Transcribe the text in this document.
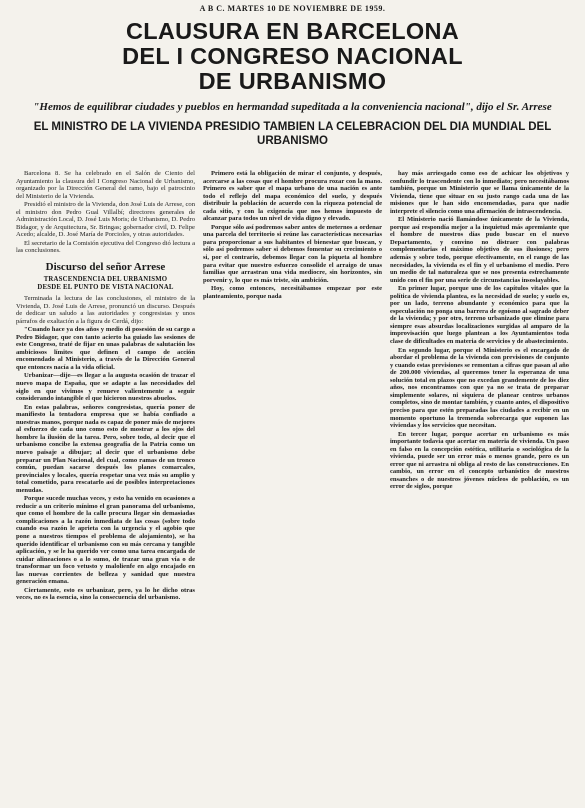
A B C. MARTES 10 DE NOVIEMBRE DE 1959.
CLAUSURA EN BARCELONA
DEL I CONGRESO NACIONAL
DE URBANISMO
"Hemos de equilibrar ciudades y pueblos en hermandad supeditada a la conveniencia nacional", dijo el Sr. Arrese
EL MINISTRO DE LA VIVIENDA PRESIDIO TAMBIEN LA CELEBRACION DEL DIA MUNDIAL DEL URBANISMO

Barcelona 8. Se ha celebrado en el Salón de Ciento del Ayuntamiento la clausura del I Congreso Nacional de Urbanismo, organizado por la Dirección General del ramo, bajo el patrocinio del Ministerio de la Vivienda.

Presidió el ministro de la Vivienda, don José Luis de Arrese, con el ministro don Pedro Gual Villalbí; directores generales de Administración Local, D. José Luis Moris; de Urbanismo, D. Pedro Bidagor, y de Arquitectura, Sr. Bringas; gobernador civil, D. Felipe Acedo; alcalde, D. José María de Porcioles, y otras autoridades.

El secretario de la Comisión ejecutiva del Congreso dió lectura a las conclusiones.

Discurso del señor Arrese
TRASCENDENCIA DEL URBANISMO
DESDE EL PUNTO DE VISTA NACIONAL

Terminada la lectura de las conclusiones, el ministro de la Vivienda, D. José Luis de Arrese, pronunció un discurso. Después de dedicar un saludo a las autoridades y congresistas y unos párrafos de exaltación a la figura de Cerdá, dijo:

"Cuando hace ya dos años y medio di posesión de su cargo a Pedro Bidagor, que con tanto acierto ha guiado las sesiones de este Congreso, traté de fijar en unas palabras de salutación los ambiciosos límites que definen el campo de acción encomendado al Ministerio, a través de la Dirección General que entonces nacía a la vida oficial.

Urbanizar—dije—es llegar a la augusta ocasión de trazar el nuevo mapa de España, que se adapte a las necesidades del siglo en que vivimos y renueve valientemente a seguir considerando intangible el que hicieron nuestros abuelos.

En estas palabras, señores congresistas, quería poner de manifiesto la tentadora empresa que se había confiado a nuestras manos, porque nada es capaz de poner más de mejores al esfuerzo de cada uno como esto de mostrar a los ojos del hombre la ilusión de la tarea. Pero, sobre todo, al decir que el urbanismo concibe la extensa geografía de la Patria como un nuevo paisaje a dibujar; al decir que el urbanismo debe preparar un Plan Nacional, del cual, como ramas de un tronco común, puedan sacarse después los planes comarcales, provinciales y locales, quería respetar una vez más su amplio y total cometido, para rescatarlo así de posibles interpretaciones menudas.

Porque sucede muchas veces, y esto ha venido en ocasiones a reducir a un criterio mínimo el gran panorama del urbanismo, que como el hombre de la calle procura llegar sin demasiadas complicaciones a la razón inmediata de las cosas (sobre todo cuando esa razón le aprieta con la urgencia y el agobio que pone a nuestros tiempos el problema de alojamiento), se ha querido identificar el urbanismo con su más cercana y tangible aplicación, y se le ha querido ver como una tarea encargada de cuidar alineaciones o a lo sumo, de trazar una gran vía o de transformar un foco vetusto y malolienfe en algo encajado en las nuevas corrientes de belleza y sanidad que nuestra generación emana.

Ciertamente, esto es urbanizar, pero, ya lo he dicho otras veces, no es la esencia, sino la consecuencia del urbanismo.

Primero está la obligación de mirar el conjunto, y después, acercarse a las cosas que el hombre procura rozar con la mano. Primero es saber que el mapa urbano de una nación es ante todo el reflejo del mapa económico del suelo, y después distribuir la población de acuerdo con la riqueza potencial de cada sitio, y con la exigencia que nos hemos impuesto de alcanzar para todos un nivel de vida digno y elevado.

Porque sólo así podremos saber antes de meternos a ordenar una parcela del territorio si reúne las características necesarias para proporcionar a sus habitantes el bienestar que buscan, y sólo así podremos saber si debemos fomentar su crecimiento o si, por el contrario, debemos llegar con la piqueta al hombre para evitar que nuestro esfuerzo consolide el arraigo de unas familias que arrastran una vida mediocre, sin horizontes, sin porvenir y, lo que es más triste, sin ambición.

Hoy, como entonces, necesitábamos empezar por este planteamiento, porque nada

hay más arriesgado como eso de achicar los objetivos y confundir lo trascendente con lo inmediato; pero necesitábamos también, porque un Ministerio que se llama únicamente de la Vivienda, tiene que situar en su justo rango cada una de las misiones que le han sido encomendadas, para que nadie interprete el silencio como una afirmación de intrascendencia.

El Ministerio nació llamándose únicamente de la Vivienda, porque así respondía mejor a la inquietud más apremiante que el hombre de nuestros días pudo buscar en el nuevo Departamento, y convino no distraer con palabras complementarias el máximo objetivo de sus ilusiones; pero además y sobre todo, porque efectivamente, en el rango de las necesidades, la vivienda es el fin y el urbanismo el medio. Pero un medio de tal naturaleza que se nos presenta estrechamente unido con el fin por una serie de circunstancias insoslayables.

En primer lugar, porque uno de los capítulos vitales que la política de vivienda plantea, es la necesidad de suelo; y suelo es, por un lado, terreno abundante y económico para que la especulación no ponga una barrera de egoísmo al sagrado deber de la vivienda; y por otro, terreno urbanizado que elimine para siempre esas absurdas localizaciones surgidas al amparo de la improvisación que luego plantean a los Ayuntamientos toda clase de dificultades en materia de servicios y de abastecimiento.

En segundo lugar, porque el Ministerio es el encargado de abordar el problema de la vivienda con previsiones de conjunto y cuando estas previsiones se remontan a cifras que pasan al año de 200.000 viviendas, al queremos tener la esperanza de una solución total en plazos que no excedan grandemente de los diez años, nos encontramos con que ya no se trata de preparar simplemente solares, ni siquiera de planear centros urbanos completos, sino de montar también, y cuanto antes, el dispositivo preciso para que estén preparadas las ciudades a recibir en un momento oportuno la tremenda sobrecarga que suponen las viviendas y los servicios que necesitan.

En tercer lugar, porque acertar en urbanismo es más importante todavía que acertar en materia de vivienda. Un paso en falso en la concepción estética, utilitaria o sociológica de la vivienda, puede ser un error más o menos grande, pero es un error que ni arrastra ni obliga al resto de las construcciones. En cambio, un error en el concepto urbanístico de nuestros ensanches o de nuestros jóvenes núcleos de población, es un error de siglos, porque
